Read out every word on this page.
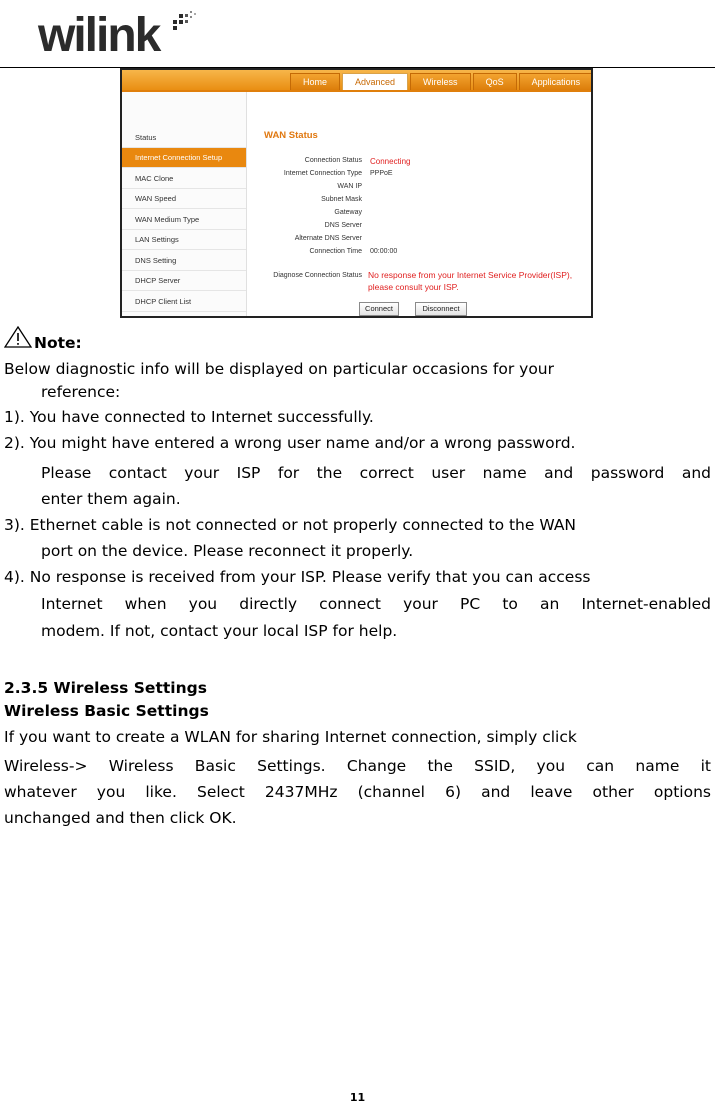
wilink
Home	Advanced	Wireless	QoS	Applications
Status
Internet Connection Setup
MAC Clone
WAN Speed
WAN Medium Type
LAN Settings
DNS Setting
DHCP Server
DHCP Client List
WAN Status
Connection Status Connecting
Internet Connection Type PPPoE
WAN IP
Subnet Mask
Gateway
DNS Server
Alternate DNS Server
Connection Time 00:00:00
Diagnose Connection Status No response from your Internet Service Provider(ISP),
please consult your ISP.
Connect	Disconnect
Note:
Below diagnostic info will be displayed on particular occasions for your
reference:
1). You have connected to Internet successfully.
2). You might have entered a wrong user name and/or a wrong password.
Please contact your ISP for the correct user name and password and
enter them again.
3). Ethernet cable is not connected or not properly connected to the WAN
port on the device. Please reconnect it properly.
4). No response is received from your ISP. Please verify that you can access
Internet when you directly connect your PC to an Internet-enabled
modem. If not, contact your local ISP for help.
2.3.5 Wireless Settings
Wireless Basic Settings
If you want to create a WLAN for sharing Internet connection, simply click
Wireless-> Wireless Basic Settings. Change the SSID, you can name it
whatever you like. Select 2437MHz (channel 6) and leave other options
unchanged and then click OK.
11
